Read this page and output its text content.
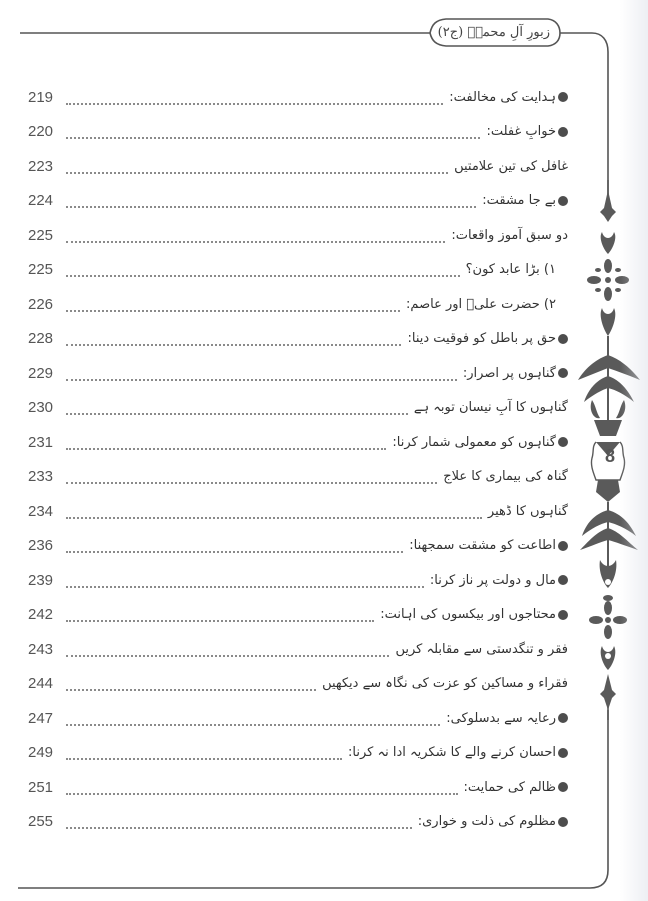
زبورِ آلِ محمدؐ (ج۲)
8
219	ہدایت کی مخالفت:
220	خوابِ غفلت:
223	غافل کی تین علامتیں
224	بے جا مشقت:
225	دو سبق آموز واقعات:
225	۱) بڑا عابد کون؟
226	۲) حضرت علیؑ اور عاصم:
228	حق پر باطل کو فوقیت دینا:
229	گناہوں پر اصرار:
230	گناہوں کا آبِ نیسان توبہ ہے
231	گناہوں کو معمولی شمار کرنا:
233	گناہ کی بیماری کا علاج
234	گناہوں کا ڈھیر
236	اطاعت کو مشقت سمجھنا:
239	مال و دولت پر ناز کرنا:
242	محتاجوں اور بیکسوں کی اہانت:
243	فقر و تنگدستی سے مقابلہ کریں
244	فقراء و مساکین کو عزت کی نگاہ سے دیکھیں
247	رعایہ سے بدسلوکی:
249	احسان کرنے والے کا شکریہ ادا نہ کرنا:
251	ظالم کی حمایت:
255	مظلوم کی ذلت و خواری:
